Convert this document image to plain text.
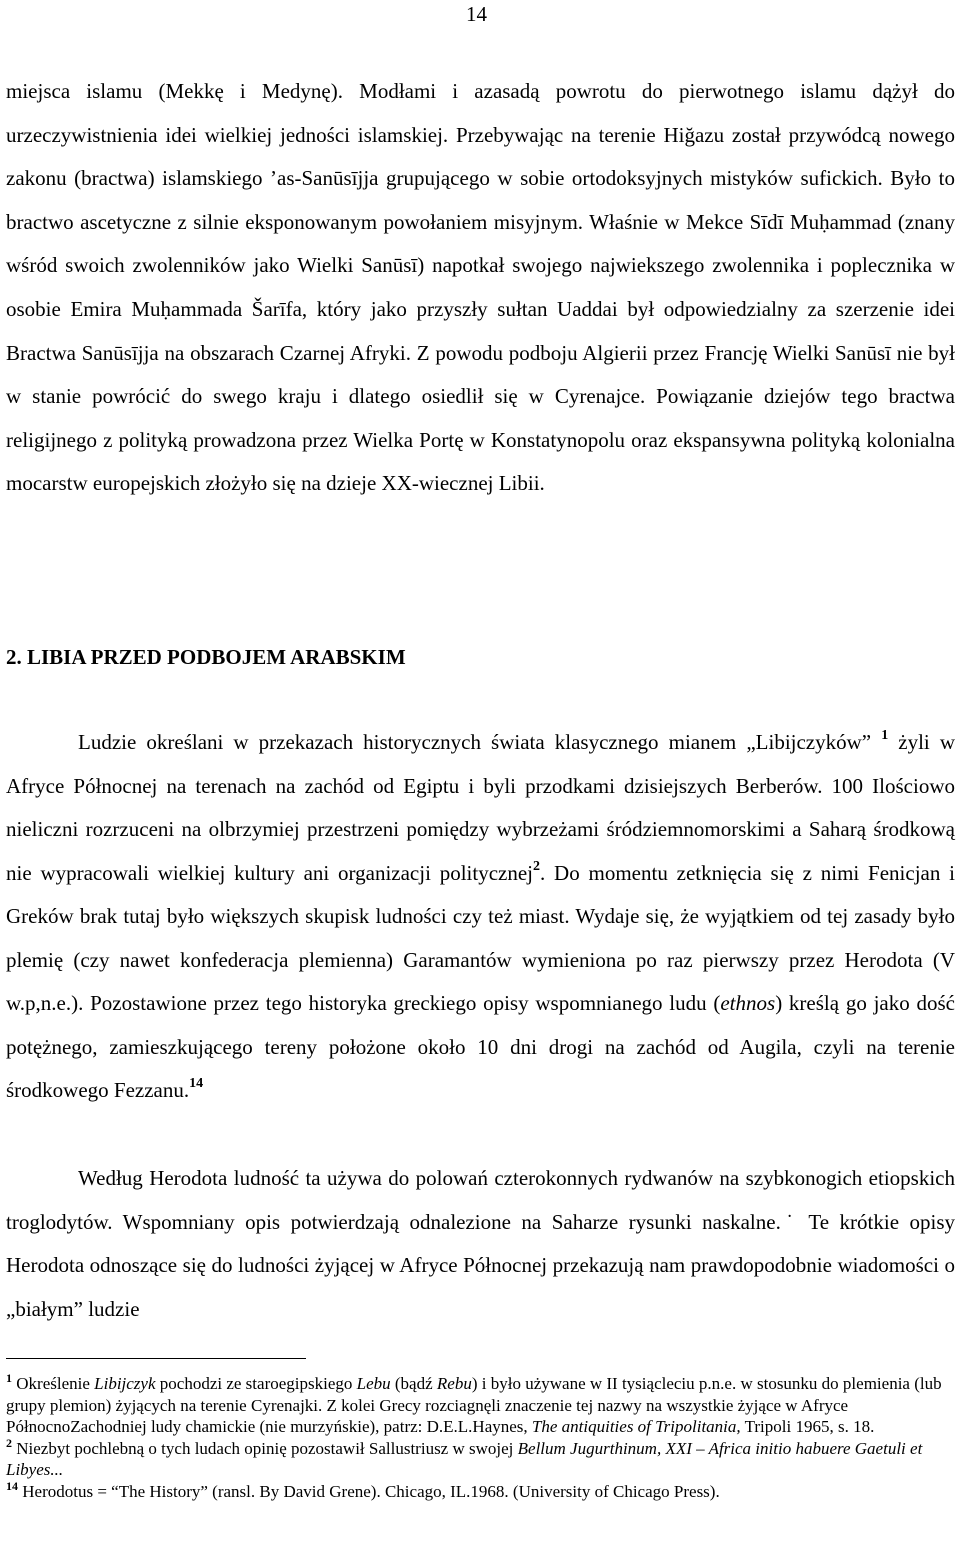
14

miejsca islamu (Mekkę i Medynę). Modłami i azasadą powrotu do pierwotnego islamu dążył do urzeczywistnienia idei wielkiej jedności islamskiej. Przebywając na terenie Hiğazu został przywódcą nowego zakonu (bractwa) islamskiego ’as-Sanūsījja grupującego w sobie ortodoksyjnych mistyków sufickich. Było to bractwo ascetyczne z silnie eksponowanym powołaniem misyjnym. Właśnie w Mekce Sīdī Muḥammad (znany wśród swoich zwolenników jako Wielki Sanūsī) napotkał swojego najwiekszego zwolennika i poplecznika w osobie Emira Muḥammada Šarīfa, który jako przyszły sułtan Uaddai był odpowiedzialny za szerzenie idei Bractwa Sanūsījja na obszarach Czarnej Afryki. Z powodu podboju Algierii przez Francję Wielki Sanūsī nie był w stanie powrócić do swego kraju i dlatego osiedlił się w Cyrenajce. Powiązanie dziejów tego bractwa religijnego z polityką prowadzona przez Wielka Portę w Konstatynopolu oraz ekspansywna polityką kolonialna mocarstw europejskich złożyło się na dzieje XX-wiecznej Libii.

2. LIBIA PRZED PODBOJEM ARABSKIM

Ludzie określani w przekazach historycznych świata klasycznego mianem „Libijczyków” $^1$ żyli w Afryce Północnej na terenach na zachód od Egiptu i byli przodkami dzisiejszych Berberów. 100 Ilościowo nieliczni rozrzuceni na olbrzymiej przestrzeni pomiędzy wybrzeżami śródziemnomorskimi a Saharą środkową nie wypracowali wielkiej kultury ani organizacji politycznej$^2$. Do momentu zetknięcia się z nimi Fenicjan i Greków brak tutaj było większych skupisk ludności czy też miast. Wydaje się, że wyjątkiem od tej zasady było plemię (czy nawet konfederacja plemienna) Garamantów wymieniona po raz pierwszy przez Herodota (V w.p,n.e.). Pozostawione przez tego historyka greckiego opisy wspomnianego ludu (ethnos) kreślą go jako dość potężnego, zamieszkującego tereny położone około 10 dni drogi na zachód od Augila, czyli na terenie środkowego Fezzanu.$^{14}$

Według Herodota ludność ta używa do polowań czterokonnych rydwanów na szybkonogich etiopskich troglodytów. Wspomniany opis potwierdzają odnalezione na Saharze rysunki naskalne.˙ Te krótkie opisy Herodota odnoszące się do ludności żyjącej w Afryce Północnej przekazują nam prawdopodobnie wiadomości o „białym” ludzie

$^1$ Określenie Libijczyk pochodzi ze staroegipskiego Lebu (bądź Rebu) i było używane w II tysiącleciu p.n.e. w stosunku do plemienia (lub grupy plemion) żyjących na terenie Cyrenajki. Z kolei Grecy rozciagnęli znaczenie tej nazwy na wszystkie żyjące w Afryce PółnocnoZachodniej ludy chamickie (nie murzyńskie), patrz: D.E.L.Haynes, The antiquities of Tripolitania, Tripoli 1965, s. 18.

$^2$ Niezbyt pochlebną o tych ludach opinię pozostawił Sallustriusz w swojej Bellum Jugurthinum, XXI – Africa initio habuere Gaetuli et Libyes...

$^{14}$ Herodotus = “The History” (ransl. By David Grene). Chicago, IL.1968. (University of Chicago Press).
